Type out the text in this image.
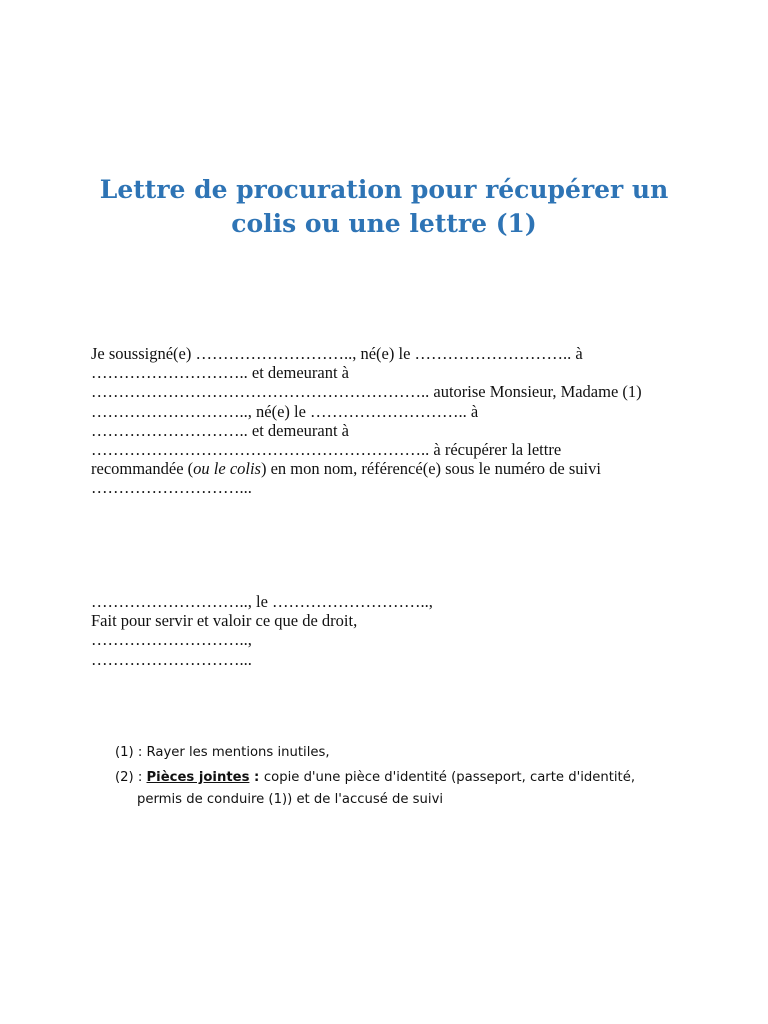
Lettre de procuration pour récupérer un
colis ou une lettre (1)
Je soussigné(e) ……………………….., né(e) le ……………………….. à
……………………….. et demeurant à
…………………………………………………….. autorise Monsieur, Madame (1)
……………………….., né(e) le ……………………….. à
……………………….. et demeurant à
…………………………………………………….. à récupérer la lettre
recommandée (ou le colis) en mon nom, référencé(e) sous le numéro de suivi
………………………...
……………………….., le ………………………..,
Fait pour servir et valoir ce que de droit,
………………………..,
………………………...
(1) : Rayer les mentions inutiles,
(2) : Pièces jointes : copie d'une pièce d'identité (passeport, carte d'identité,
permis de conduire (1)) et de l'accusé de suivi
